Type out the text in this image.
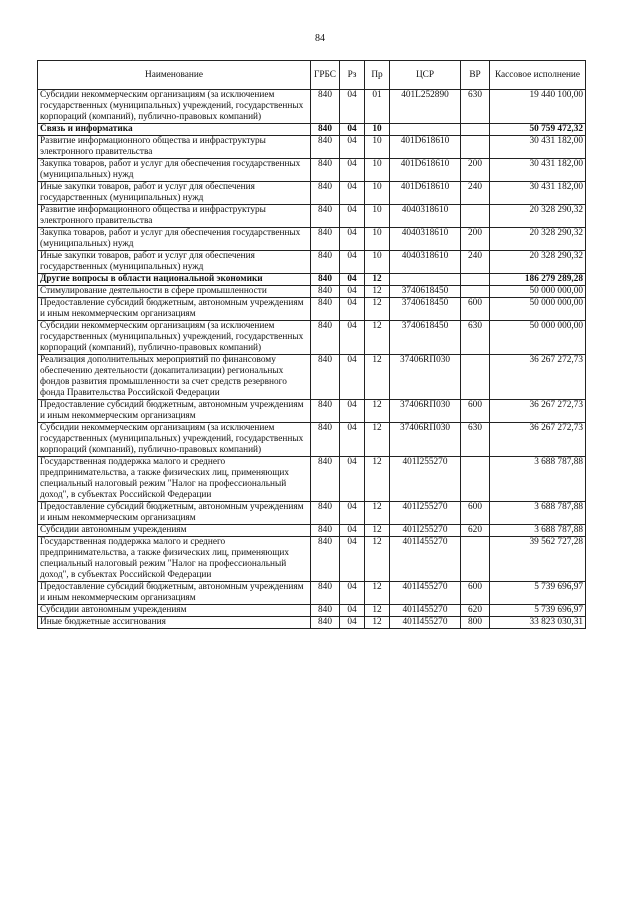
84
Наименование	ГРБС	Рз	Пр	ЦСР	ВР	Кассовое исполнение
Субсидии некоммерческим организациям (за исключением государственных (муниципальных) учреждений, государственных корпораций (компаний), публично-правовых компаний)	840	04	01	401L252890	630	19 440 100,00
Связь и информатика	840	04	10			50 759 472,32
Развитие информационного общества и инфраструктуры электронного правительства	840	04	10	401D618610		30 431 182,00
Закупка товаров, работ и услуг для обеспечения государственных (муниципальных) нужд	840	04	10	401D618610	200	30 431 182,00
Иные закупки товаров, работ и услуг для обеспечения государственных (муниципальных) нужд	840	04	10	401D618610	240	30 431 182,00
Развитие информационного общества и инфраструктуры электронного правительства	840	04	10	4040318610		20 328 290,32
Закупка товаров, работ и услуг для обеспечения государственных (муниципальных) нужд	840	04	10	4040318610	200	20 328 290,32
Иные закупки товаров, работ и услуг для обеспечения государственных (муниципальных) нужд	840	04	10	4040318610	240	20 328 290,32
Другие вопросы в области национальной экономики	840	04	12			186 279 289,28
Стимулирование деятельности в сфере промышленности	840	04	12	3740618450		50 000 000,00
Предоставление субсидий бюджетным, автономным учреждениям и иным некоммерческим организациям	840	04	12	3740618450	600	50 000 000,00
Субсидии некоммерческим организациям (за исключением государственных (муниципальных) учреждений, государственных корпораций (компаний), публично-правовых компаний)	840	04	12	3740618450	630	50 000 000,00
Реализация дополнительных мероприятий по финансовому обеспечению деятельности (докапитализации) региональных фондов развития промышленности за счет средств резервного фонда Правительства Российской Федерации	840	04	12	37406RП030		36 267 272,73
Предоставление субсидий бюджетным, автономным учреждениям и иным некоммерческим организациям	840	04	12	37406RП030	600	36 267 272,73
Субсидии некоммерческим организациям (за исключением государственных (муниципальных) учреждений, государственных корпораций (компаний), публично-правовых компаний)	840	04	12	37406RП030	630	36 267 272,73
Государственная поддержка малого и среднего предпринимательства, а также физических лиц, применяющих специальный налоговый режим "Налог на профессиональный доход", в субъектах Российской Федерации	840	04	12	401I255270		3 688 787,88
Предоставление субсидий бюджетным, автономным учреждениям и иным некоммерческим организациям	840	04	12	401I255270	600	3 688 787,88
Субсидии автономным учреждениям	840	04	12	401I255270	620	3 688 787,88
Государственная поддержка малого и среднего предпринимательства, а также физических лиц, применяющих специальный налоговый режим "Налог на профессиональный доход", в субъектах Российской Федерации	840	04	12	401I455270		39 562 727,28
Предоставление субсидий бюджетным, автономным учреждениям и иным некоммерческим организациям	840	04	12	401I455270	600	5 739 696,97
Субсидии автономным учреждениям	840	04	12	401I455270	620	5 739 696,97
Иные бюджетные ассигнования	840	04	12	401I455270	800	33 823 030,31
